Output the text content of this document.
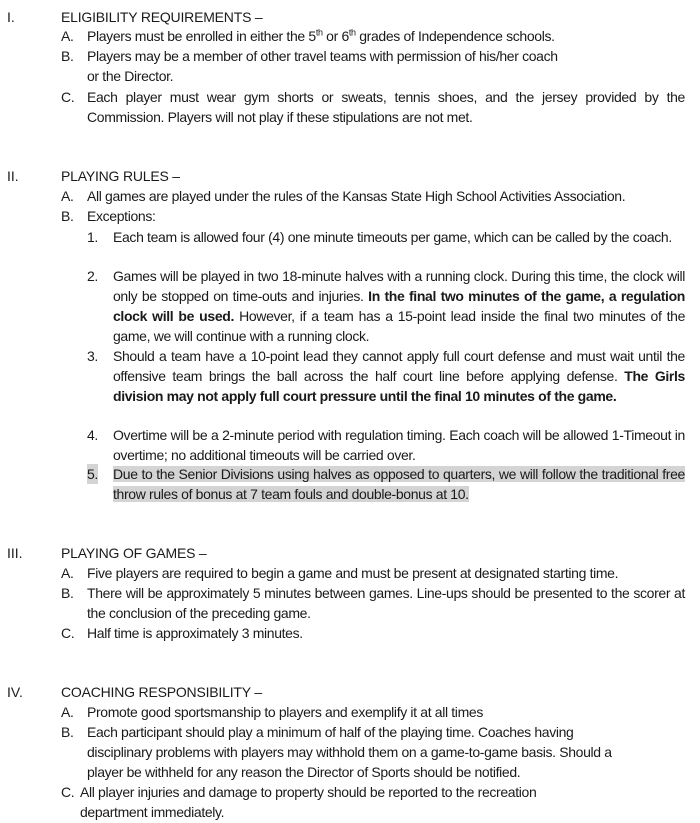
I.	ELIGIBILITY REQUIREMENTS –
A. Players must be enrolled in either the 5th or 6th grades of Independence schools.
B. Players may be a member of other travel teams with permission of his/her coach
or the Director.
C. Each player must wear gym shorts or sweats, tennis shoes, and the jersey provided by the Commission. Players will not play if these stipulations are not met.
II.	PLAYING RULES –
A. All games are played under the rules of the Kansas State High School Activities Association.
B. Exceptions:
1. Each team is allowed four (4) one minute timeouts per game, which can be called by the coach.
2. Games will be played in two 18-minute halves with a running clock. During this time, the clock will only be stopped on time-outs and injuries. In the final two minutes of the game, a regulation clock will be used. However, if a team has a 15-point lead inside the final two minutes of the game, we will continue with a running clock.
3. Should a team have a 10-point lead they cannot apply full court defense and must wait until the offensive team brings the ball across the half court line before applying defense. The Girls division may not apply full court pressure until the final 10 minutes of the game.
4. Overtime will be a 2-minute period with regulation timing. Each coach will be allowed 1-Timeout in overtime; no additional timeouts will be carried over.
5. Due to the Senior Divisions using halves as opposed to quarters, we will follow the traditional free throw rules of bonus at 7 team fouls and double-bonus at 10.
III.	PLAYING OF GAMES –
A. Five players are required to begin a game and must be present at designated starting time.
B. There will be approximately 5 minutes between games. Line-ups should be presented to the scorer at the conclusion of the preceding game.
C. Half time is approximately 3 minutes.
IV.	COACHING RESPONSIBILITY –
A. Promote good sportsmanship to players and exemplify it at all times
B. Each participant should play a minimum of half of the playing time. Coaches having
disciplinary problems with players may withhold them on a game-to-game basis. Should a
player be withheld for any reason the Director of Sports should be notified.
C. All player injuries and damage to property should be reported to the recreation
department immediately.
